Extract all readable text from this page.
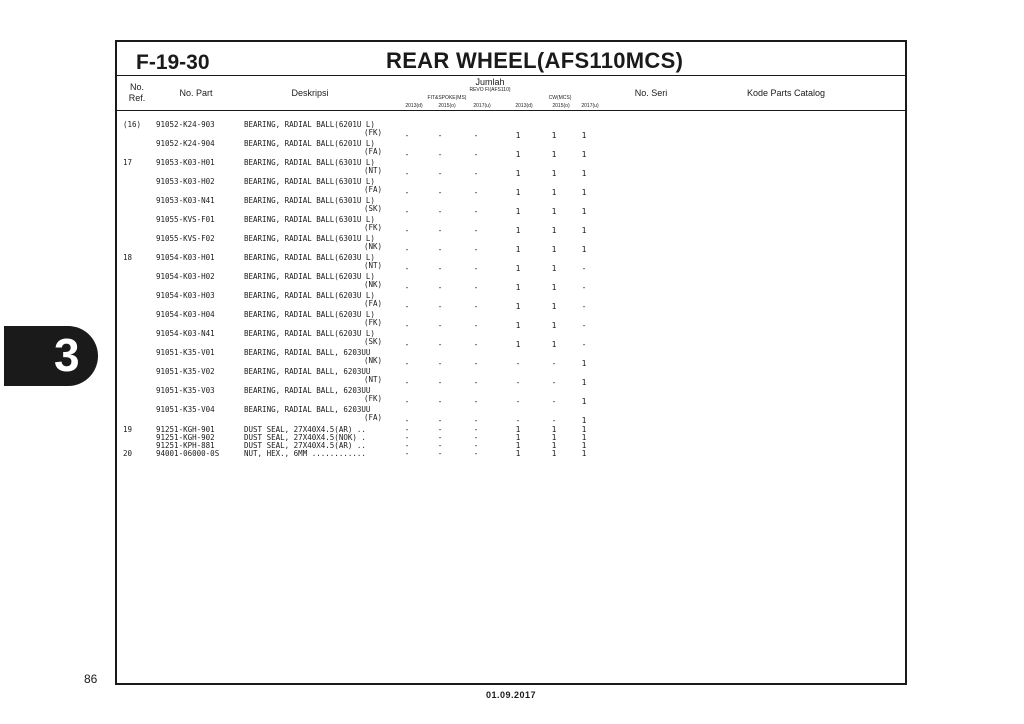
F-19-30	REAR WHEEL(AFS110MCS)
No.
Ref.	No. Part	Deskripsi
Jumlah
REVO FI(AFS110)
FIT&SPOKE(MS)	CW(MCS)
2013(d)	2015(o)	2017(u)	2013(d)	2015(o)	2017(u)
No. Seri	Kode Parts Catalog
(16) 91052-K24-903	BEARING, RADIAL BALL(6201U L)
(FK)	-	-	-	1	1	1
91052-K24-904	BEARING, RADIAL BALL(6201U L)
(FA)	-	-	-	1	1	1
17	91053-K03-H01	BEARING, RADIAL BALL(6301U L)
(NT)	-	-	-	1	1	1
91053-K03-H02	BEARING, RADIAL BALL(6301U L)
(FA)	-	-	-	1	1	1
91053-K03-N41	BEARING, RADIAL BALL(6301U L)
(SK)	-	-	-	1	1	1
91055-KVS-F01	BEARING, RADIAL BALL(6301U L)
(FK)	-	-	-	1	1	1
91055-KVS-F02	BEARING, RADIAL BALL(6301U L)
(NK)	-	-	-	1	1	1
18	91054-K03-H01	BEARING, RADIAL BALL(6203U L)
(NT)	-	-	-	1	1	-
91054-K03-H02	BEARING, RADIAL BALL(6203U L)
(NK)	-	-	-	1	1	-
91054-K03-H03	BEARING, RADIAL BALL(6203U L)
(FA)	-	-	-	1	1	-
91054-K03-H04	BEARING, RADIAL BALL(6203U L)
(FK)	-	-	-	1	1	-
91054-K03-N41	BEARING, RADIAL BALL(6203U L)
(SK)	-	-	-	1	1	-
91051-K35-V01	BEARING, RADIAL BALL, 6203UU
(NK)	-	-	-	-	-	1
91051-K35-V02	BEARING, RADIAL BALL, 6203UU
(NT)	-	-	-	-	-	1
91051-K35-V03	BEARING, RADIAL BALL, 6203UU
(FK)	-	-	-	-	-	1
91051-K35-V04	BEARING, RADIAL BALL, 6203UU
(FA)	-	-	-	-	-	1
19	91251-KGH-901	DUST SEAL, 27X40X4.5(AR) ..	-	-	-	1	1	1
91251-KGH-902	DUST SEAL, 27X40X4.5(NOK) .	-	-	-	1	1	1
91251-KPH-881	DUST SEAL, 27X40X4.5(AR) ..	-	-	-	1	1	1
20	94001-06000-0S	NUT, HEX., 6MM ............	-	-	-	1	1	1
3
86
01.09.2017
